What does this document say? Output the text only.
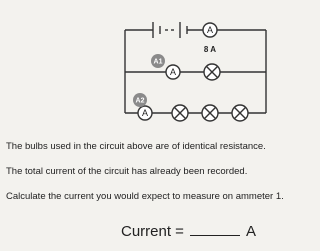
A
8 A
A
A1
A
A2
The bulbs used in the circuit above are of identical resistance.
The total current of the circuit has already been recorded.
Calculate the current you would expect to measure on ammeter 1.
Current =	A
